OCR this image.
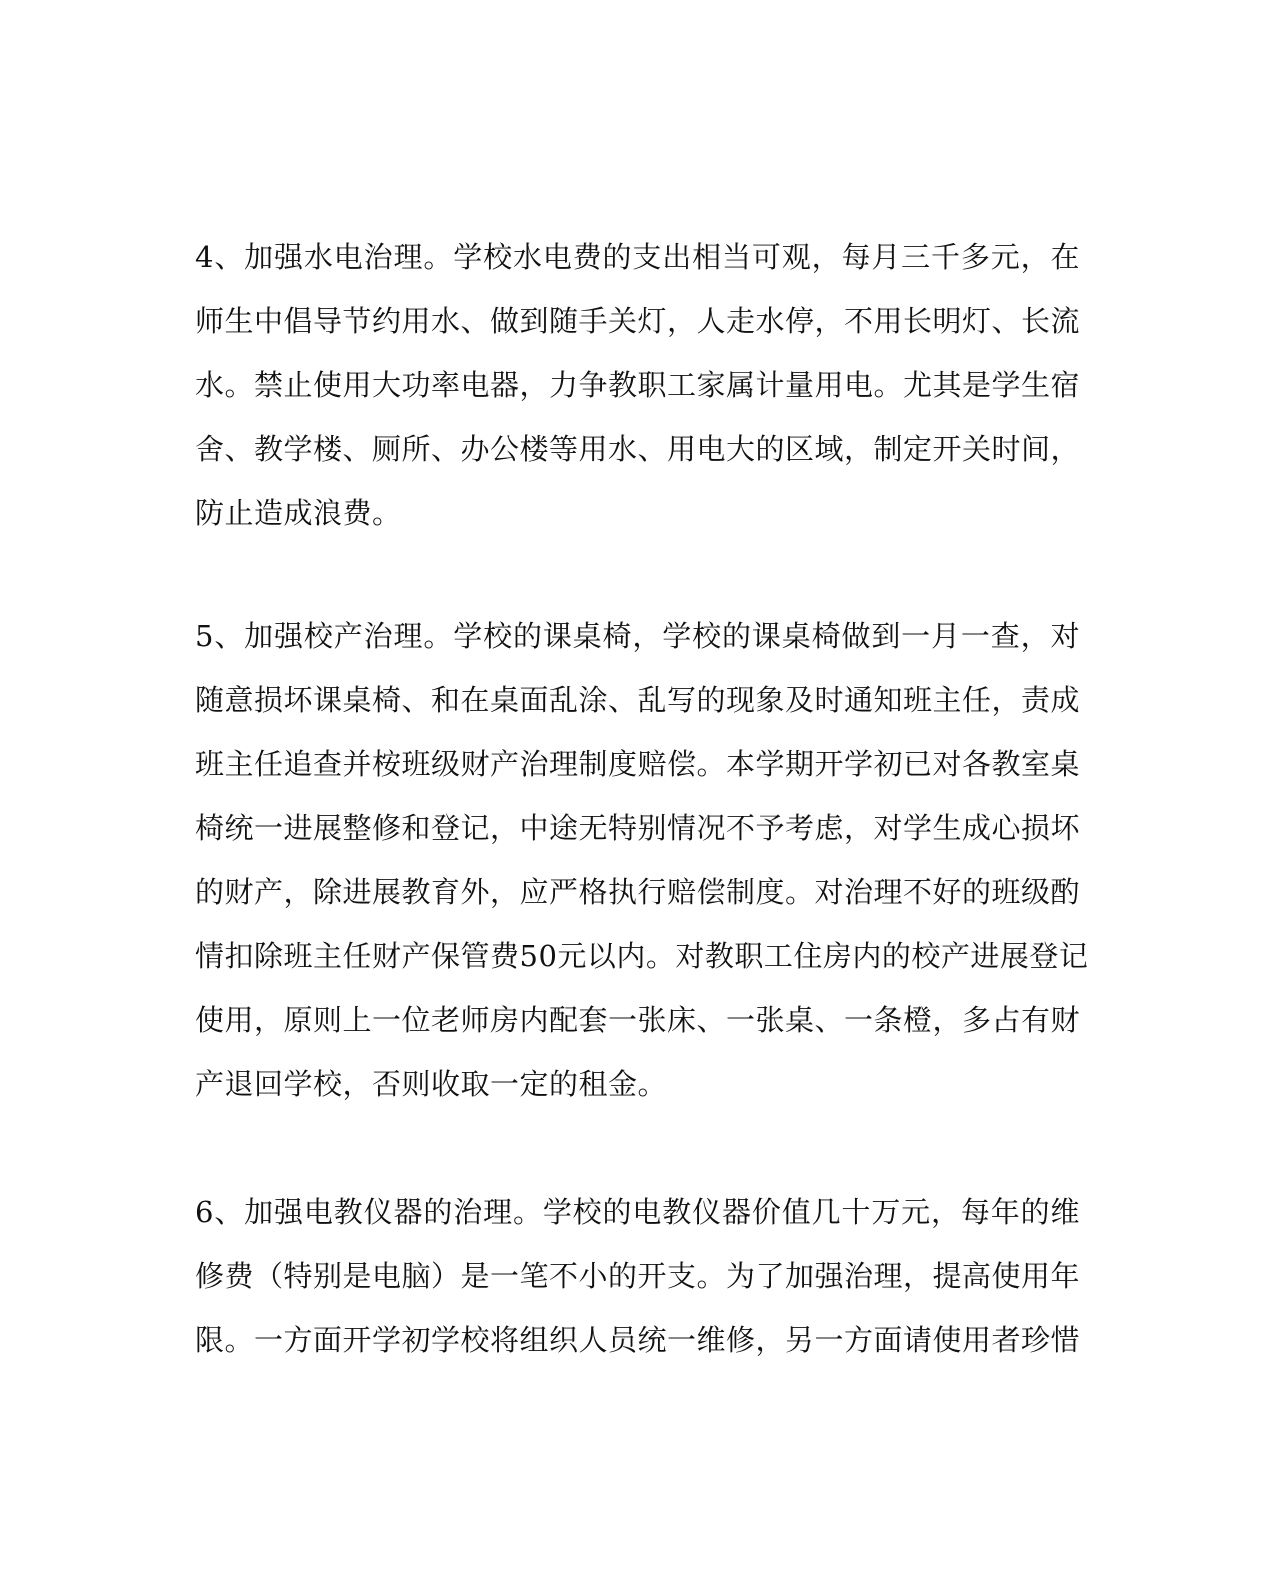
4、加强水电治理。学校水电费的支出相当可观，每月三千多元，在
师生中倡导节约用水、做到随手关灯，人走水停，不用长明灯、长流
水。禁止使用大功率电器，力争教职工家属计量用电。尤其是学生宿
舍、教学楼、厕所、办公楼等用水、用电大的区域，制定开关时间，
防止造成浪费。
5、加强校产治理。学校的课桌椅，学校的课桌椅做到一月一查，对
随意损坏课桌椅、和在桌面乱涂、乱写的现象及时通知班主任，责成
班主任追查并桉班级财产治理制度赔偿。本学期开学初已对各教室桌
椅统一进展整修和登记，中途无特别情况不予考虑，对学生成心损坏
的财产，除进展教育外，应严格执行赔偿制度。对治理不好的班级酌
情扣除班主任财产保管费50元以内。对教职工住房内的校产进展登记
使用，原则上一位老师房内配套一张床、一张桌、一条橙，多占有财
产退回学校，否则收取一定的租金。
6、加强电教仪器的治理。学校的电教仪器价值几十万元，每年的维
修费（特别是电脑）是一笔不小的开支。为了加强治理，提高使用年
限。一方面开学初学校将组织人员统一维修，另一方面请使用者珍惜
